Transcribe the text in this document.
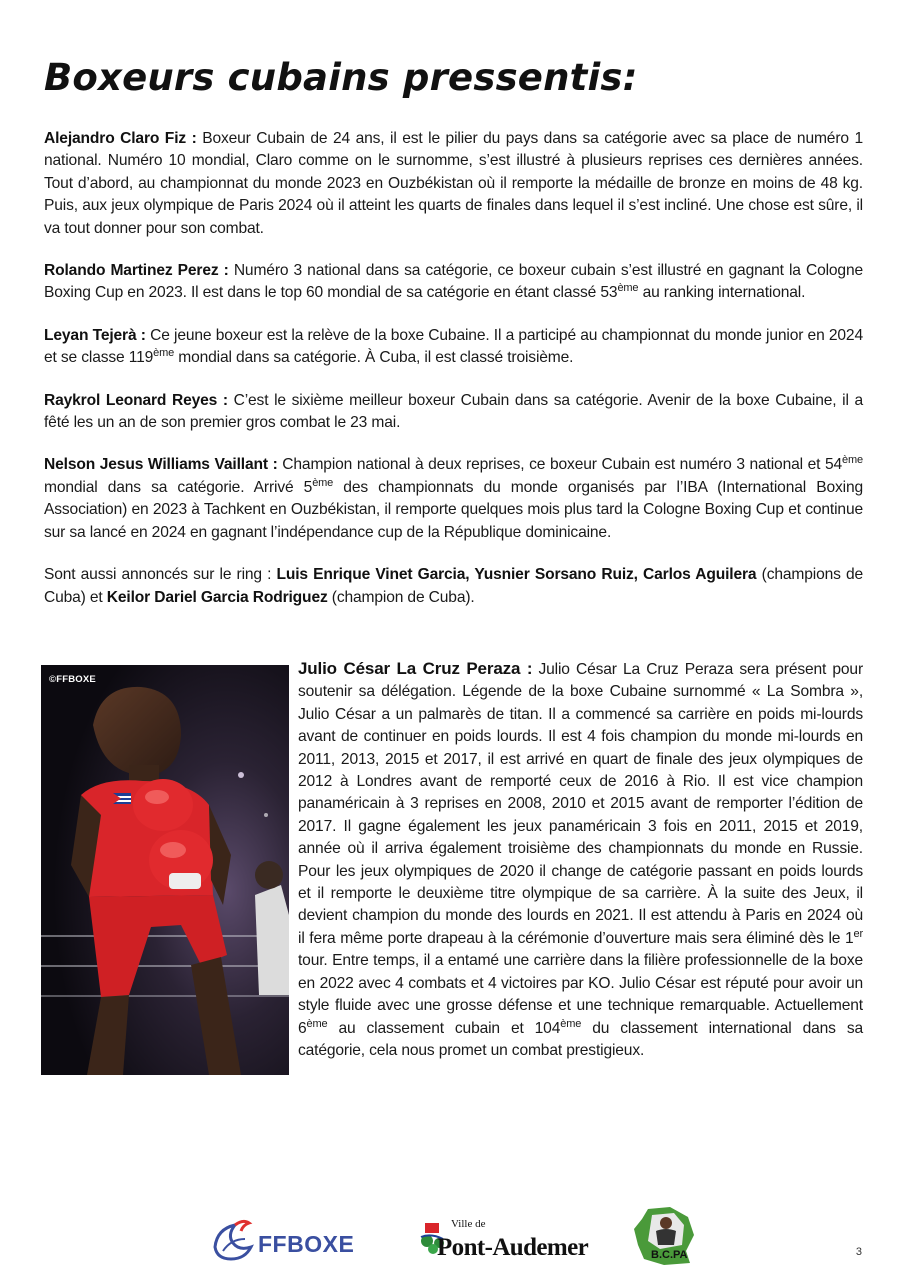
Boxeurs cubains pressentis:

Alejandro Claro Fiz : Boxeur Cubain de 24 ans, il est le pilier du pays dans sa catégorie avec sa place de numéro 1 national. Numéro 10 mondial, Claro comme on le surnomme, s’est illustré à plusieurs reprises ces dernières années. Tout d’abord, au championnat du monde 2023 en Ouzbékistan où il remporte la médaille de bronze en moins de 48 kg. Puis, aux jeux olympique de Paris 2024 où il atteint les quarts de finales dans lequel il s’est incliné. Une chose est sûre, il va tout donner pour son combat.

Rolando Martinez Perez : Numéro 3 national dans sa catégorie, ce boxeur cubain s’est illustré en gagnant la Cologne Boxing Cup en 2023. Il est dans le top 60 mondial de sa catégorie en étant classé 53ème au ranking international.

Leyan Tejerà : Ce jeune boxeur est la relève de la boxe Cubaine. Il a participé au championnat du monde junior en 2024 et se classe 119ème mondial dans sa catégorie. À Cuba, il est classé troisième.

Raykrol Leonard Reyes : C’est le sixième meilleur boxeur Cubain dans sa catégorie. Avenir de la boxe Cubaine, il a fêté les un an de son premier gros combat le 23 mai.

Nelson Jesus Williams Vaillant : Champion national à deux reprises, ce boxeur Cubain est numéro 3 national et 54ème mondial dans sa catégorie. Arrivé 5ème des championnats du monde organisés par l’IBA (International Boxing Association) en 2023 à Tachkent en Ouzbékistan, il remporte quelques mois plus tard la Cologne Boxing Cup et continue sur sa lancé en 2024 en gagnant l’indépendance cup de la République dominicaine.

Sont aussi annoncés sur le ring : Luis Enrique Vinet Garcia, Yusnier Sorsano Ruiz, Carlos Aguilera (champions de Cuba) et Keilor Dariel Garcia Rodriguez (champion de Cuba).

©FFBOXE

Julio César La Cruz Peraza : Julio César La Cruz Peraza sera présent pour soutenir sa délégation. Légende de la boxe Cubaine surnommé « La Sombra », Julio César a un palmarès de titan. Il a commencé sa carrière en poids mi-lourds avant de continuer en poids lourds. Il est 4 fois champion du monde mi-lourds en 2011, 2013, 2015 et 2017, il est arrivé en quart de finale des jeux olympiques de 2012 à Londres avant de remporté ceux de 2016 à Rio. Il est vice champion panaméricain à 3 reprises en 2008, 2010 et 2015 avant de remporter l’édition de 2017. Il gagne également les jeux panaméricain 3 fois en 2011, 2015 et 2019, année où il arriva également troisième des championnats du monde en Russie. Pour les jeux olympiques de 2020 il change de catégorie passant en poids lourds et il remporte le deuxième titre olympique de sa carrière. À la suite des Jeux, il devient champion du monde des lourds en 2021. Il est attendu à Paris en 2024 où il fera même porte drapeau à la cérémonie d’ouverture mais sera éliminé dès le 1er tour. Entre temps, il a entamé une carrière dans la filière professionnelle de la boxe en 2022 avec 4 combats et 4 victoires par KO. Julio César est réputé pour avoir un style fluide avec une grosse défense et une technique remarquable. Actuellement 6ème au classement cubain et 104ème du classement international dans sa catégorie, cela nous promet un combat prestigieux.

FFBOXE
Ville de
Pont-Audemer	B.C.PA	3
